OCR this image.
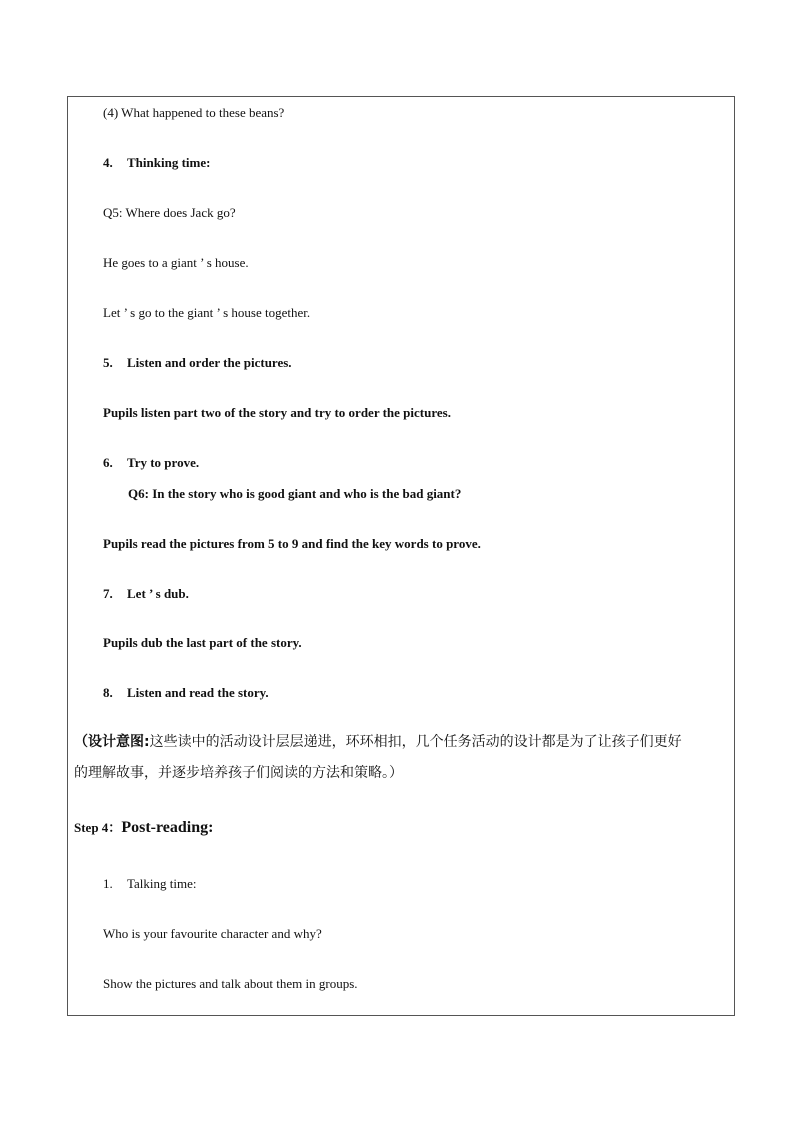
(4) What happened to these beans?
4. Thinking time:
Q5: Where does Jack go?
He goes to a giant ’ s house.
Let ’ s go to the giant ’ s house together.
5. Listen and order the pictures.
Pupils listen part two of the story and try to order the pictures.
6. Try to prove.
Q6: In the story who is good giant and who is the bad giant?
Pupils read the pictures from 5 to 9 and find the key words to prove.
7. Let ’ s dub.
Pupils dub the last part of the story.
8. Listen and read the story.
（设计意图:这些读中的活动设计层层递进，环环相扣，几个任务活动的设计都是为了让孩子们更好
的理解故事，并逐步培养孩子们阅读的方法和策略。）
Step 4：Post-reading:
1. Talking time:
Who is your favourite character and why?
Show the pictures and talk about them in groups.
